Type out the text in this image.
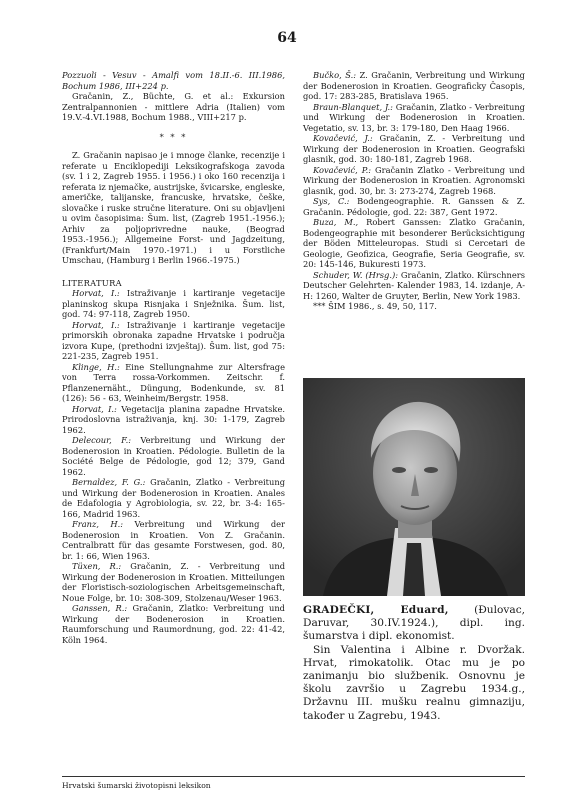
64

Pozzuoli - Vesuv - Amalfi vom 18.II.-6. III.1986, Bochum 1986, III+224 p.

Gračanin, Z., Büchte, G. et al.: Exkursion Zentralpannonien - mittlere Adria (Italien) vom 19.V.-4.VI.1988, Bochum 1988., VIII+217 p.

* * *

Z. Gračanin napisao je i mnoge članke, recenzije i referate u Enciklopediji Leksikografskoga zavoda (sv. 1 i 2, Zagreb 1955. i 1956.) i oko 160 recenzija i referata iz njemačke, austrijske, švicarske, engleske, američke, talijanske, francuske, hrvatske, češke, slovačke i ruske stručne literature. Oni su objavljeni u ovim časopisima: Šum. list, (Zagreb 1951.-1956.); Arhiv za poljoprivredne nauke, (Beograd 1953.-1956.); Allgemeine Forst- und Jagdzeitung, (Frankfurt/Main 1970.-1971.) i u Forstliche Umschau, (Hamburg i Berlin 1966.-1975.)

LITERATURA

Horvat, I.: Istraživanje i kartiranje vegetacije planinskog skupa Risnjaka i Snježnika. Šum. list, god. 74: 97-118, Zagreb 1950.

Horvat, I.: Istraživanje i kartiranje vegetacije primorskih obronaka zapadne Hrvatske i područja izvora Kupe, (prethodni izvještaj). Šum. list, god 75: 221-235, Zagreb 1951.

Klinge, H.: Eine Stellungnahme zur Altersfrage von Terra rossa-Vorkommen. Zeitschr. f. Pflanzenernäht., Düngung, Bodenkunde, sv. 81 (126): 56 - 63, Weinheim/Bergstr. 1958.

Horvat, I.: Vegetacija planina zapadne Hrvatske. Prirodoslovna istraživanja, knj. 30: 1-179, Zagreb 1962.

Delecour, F.: Verbreitung und Wirkung der Bodenerosion in Kroatien. Pédologie. Bulletin de la Société Belge de Pédologie, god 12; 379, Gand 1962.

Bernaldez, F. G.: Gračanin, Zlatko - Verbreitung und Wirkung der Bodenerosion in Kroatien. Anales de Edafologia y Agrobiologia, sv. 22, br. 3-4: 165-166, Madrid 1963.

Franz, H.: Verbreitung und Wirkung der Bodenerosion in Kroatien. Von Z. Gračanin. Centralbratt für das gesamte Forstwesen, god. 80, br. 1: 66, Wien 1963.

Tüxen, R.: Gračanin, Z. - Verbreitung und Wirkung der Bodenerosion in Kroatien. Mitteilungen der Floristisch-soziologischen Arbeitsgemeinschaft, Noue Folge, br. 10: 308-309, Stolzenau/Weser 1963.

Ganssen, R.: Gračanin, Zlatko: Verbreitung und Wirkung der Bodenerosion in Kroatien. Raumforschung und Raumordnung, god. 22: 41-42, Köln 1964.

Bučko, Š.: Z. Gračanin, Verbreitung und Wirkung der Bodenerosion in Kroatien. Geograficky Časopis, god. 17: 283-285, Bratislava 1965.

Braun-Blanquet, J.: Gračanin, Zlatko - Verbreitung und Wirkung der Bodenerosion in Kroatien. Vegetatio, sv. 13, br. 3: 179-180, Den Haag 1966.

Kovačević, J.: Gračanin, Z. - Verbreitung und Wirkung der Bodenerosion in Kroatien. Geografski glasnik, god. 30: 180-181, Zagreb 1968.

Kovačević, P.: Gračanin Zlatko - Verbreitung und Wirkung der Bodenerosion in Kroatien. Agronomski glasnik, god. 30, br. 3: 273-274, Zagreb 1968.

Sys, C.: Bodengeographie. R. Ganssen & Z. Gračanin. Pédologie, god. 22: 387, Gent 1972.

Buza, M., Robert Ganssen: Zlatko Gračanin, Bodengeographie mit besonderer Berücksichtigung der Böden Mitteleuropas. Studi si Cercetari de Geologie, Geofizica, Geografie, Seria Geografie, sv. 20: 145-146, Bukuresti 1973.

Schuder, W. (Hrsg.): Gračanin, Zlatko. Kürschners Deutscher Gelehrten- Kalender 1983, 14. izdanje, A-H: 1260, Walter de Gruyter, Berlin, New York 1983.

*** ŠIM 1986., s. 49, 50, 117.

GRADEČKI, Eduard, (Đulovac, Daruvar, 30.IV.1924.), dipl. ing. šumarstva i dipl. ekonomist.

Sin Valentina i Albine r. Dvoržak. Hrvat, rimokatolik. Otac mu je po zanimanju bio službenik. Osnovnu je školu završio u Zagrebu 1934.g., Državnu III. mušku realnu gimnaziju, također u Zagrebu, 1943.

Hrvatski šumarski životopisni leksikon
